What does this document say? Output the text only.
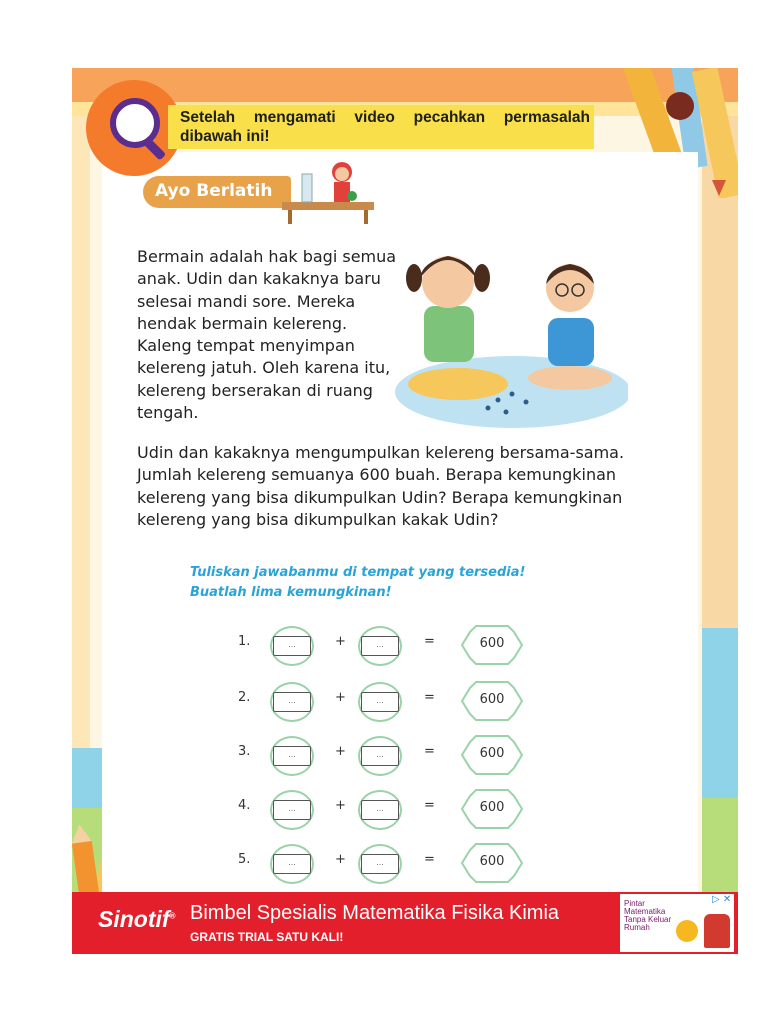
Setelah mengamati video pecahkan permasalah dibawah ini!
Ayo Berlatih

Bermain adalah hak bagi semua anak. Udin dan kakaknya baru selesai mandi sore. Mereka hendak bermain kelereng. Kaleng tempat menyimpan kelereng jatuh. Oleh karena itu, kelereng berserakan di ruang tengah.

Udin dan kakaknya mengumpulkan kelereng bersama-sama. Jumlah kelereng semuanya 600 buah. Berapa kemungkinan kelereng yang bisa dikumpulkan Udin? Berapa kemungkinan kelereng yang bisa dikumpulkan kakak Udin?

Tuliskan jawabanmu di tempat yang tersedia!
Buatlah lima kemungkinan!
1.	...	+	...	=	600
2.	...	+	...	=	600
3.	...	+	...	=	600
4.	...	+	...	=	600
5.	...	+	...	=	600
Sinotif® Bimbel Spesialis Matematika Fisika Kimia
GRATIS TRIAL SATU KALI!
Pintar Matematika Tanpa Keluar Rumah
▷ ✕
